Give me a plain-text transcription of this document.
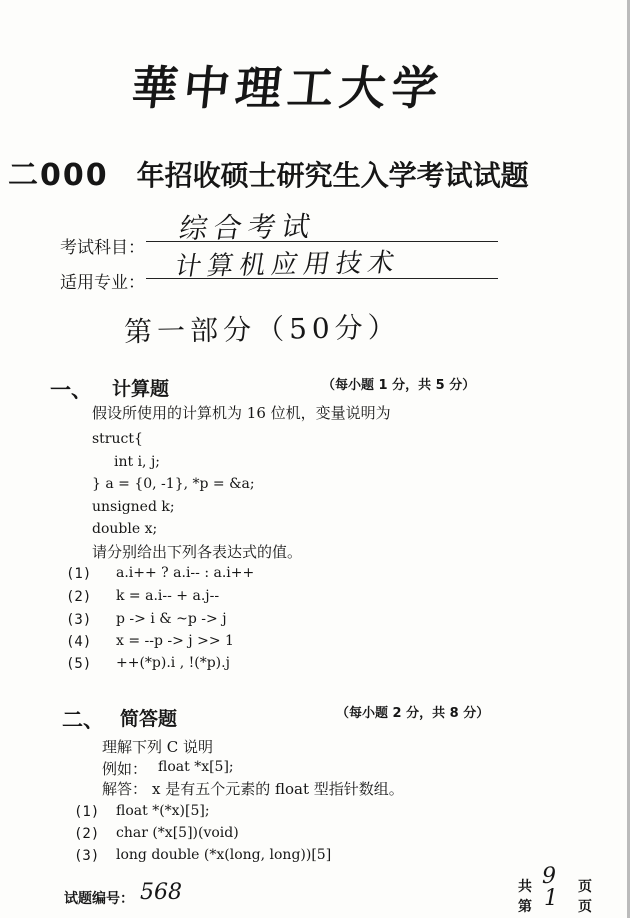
華中理工大学
二000 年招收硕士研究生入学考试试题
考试科目：
综合考试
适用专业：
计算机应用技术
第一部分（50分）
一、 计算题	（每小题 1 分，共 5 分）
假设所使用的计算机为 16 位机，变量说明为
struct{
int i, j;
} a = {0, -1}, *p = &a;
unsigned k;
double x;
请分别给出下列各表达式的值。
(1) a.i++ ? a.i-- : a.i++
(2) k = a.i-- + a.j--
(3) p -> i & ~p -> j
(4) x = --p -> j >> 1
(5) ++(*p).i , !(*p).j
二、 简答题	（每小题 2 分，共 8 分）
理解下列 C 说明
例如： float *x[5];
解答： x 是有五个元素的 float 型指针数组。
(1) float *(*x)[5];
(2) char (*x[5])(void)
(3) long double (*x(long, long))[5]
试题编号： 568	共 9 页
第 1 页
